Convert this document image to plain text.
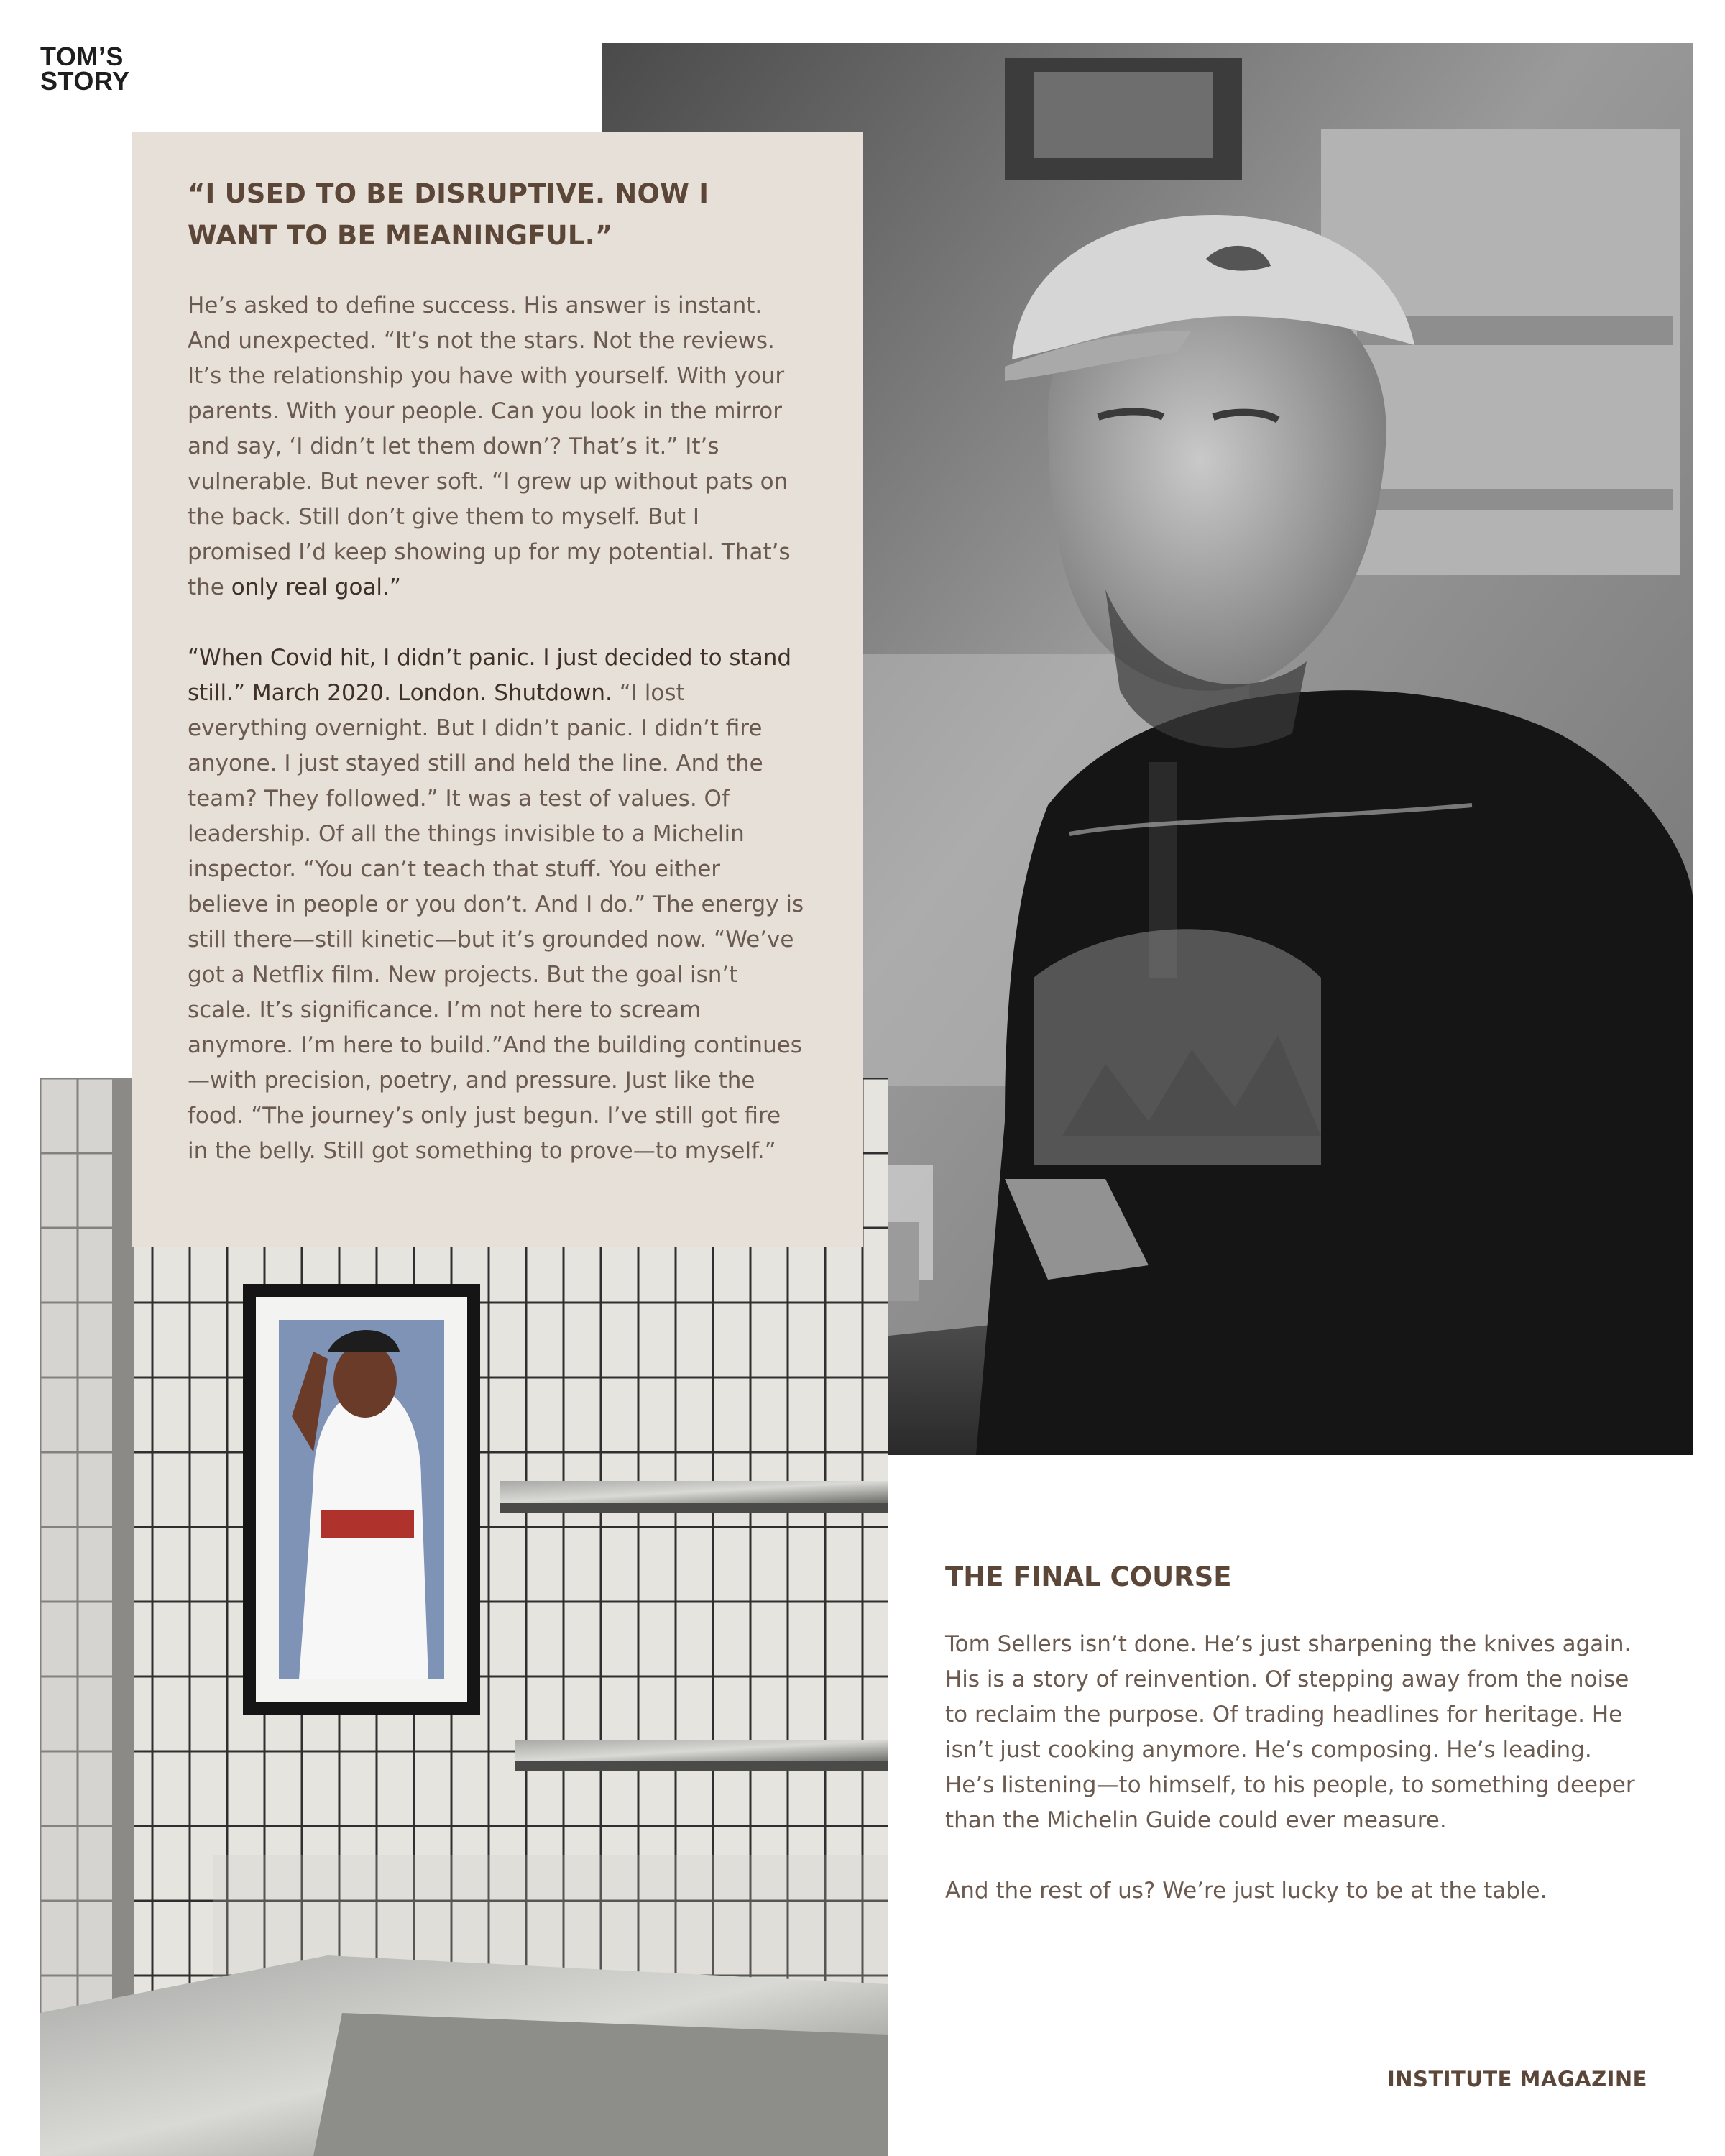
TOM’S
STORY
“I USED TO BE DISRUPTIVE. NOW I WANT TO BE MEANINGFUL.”

He’s asked to define success. His answer is instant. And unexpected. “It’s not the stars. Not the reviews. It’s the relationship you have with yourself. With your parents. With your people. Can you look in the mirror and say, ‘I didn’t let them down’? That’s it.” It’s vulnerable. But never soft. “I grew up without pats on the back. Still don’t give them to myself. But I promised I’d keep showing up for my potential. That’s the only real goal.”

“When Covid hit, I didn’t panic. I just decided to stand still.” March 2020. London. Shutdown. “I lost everything overnight. But I didn’t panic. I didn’t fire anyone. I just stayed still and held the line. And the team? They followed.” It was a test of values. Of leadership. Of all the things invisible to a Michelin inspector. “You can’t teach that stuff. You either believe in people or you don’t. And I do.” The energy is still there—still kinetic—but it’s grounded now. “We’ve got a Netflix film. New projects. But the goal isn’t scale. It’s significance. I’m not here to scream anymore. I’m here to build.”And the building continues—with precision, poetry, and pressure. Just like the food. “The journey’s only just begun. I’ve still got fire in the belly. Still got something to prove—to myself.”

THE FINAL COURSE

Tom Sellers isn’t done. He’s just sharpening the knives again. His is a story of reinvention. Of stepping away from the noise to reclaim the purpose. Of trading headlines for heritage. He isn’t just cooking anymore. He’s composing. He’s leading. He’s listening—to himself, to his people, to something deeper than the Michelin Guide could ever measure.

And the rest of us? We’re just lucky to be at the table.

INSTITUTE MAGAZINE
